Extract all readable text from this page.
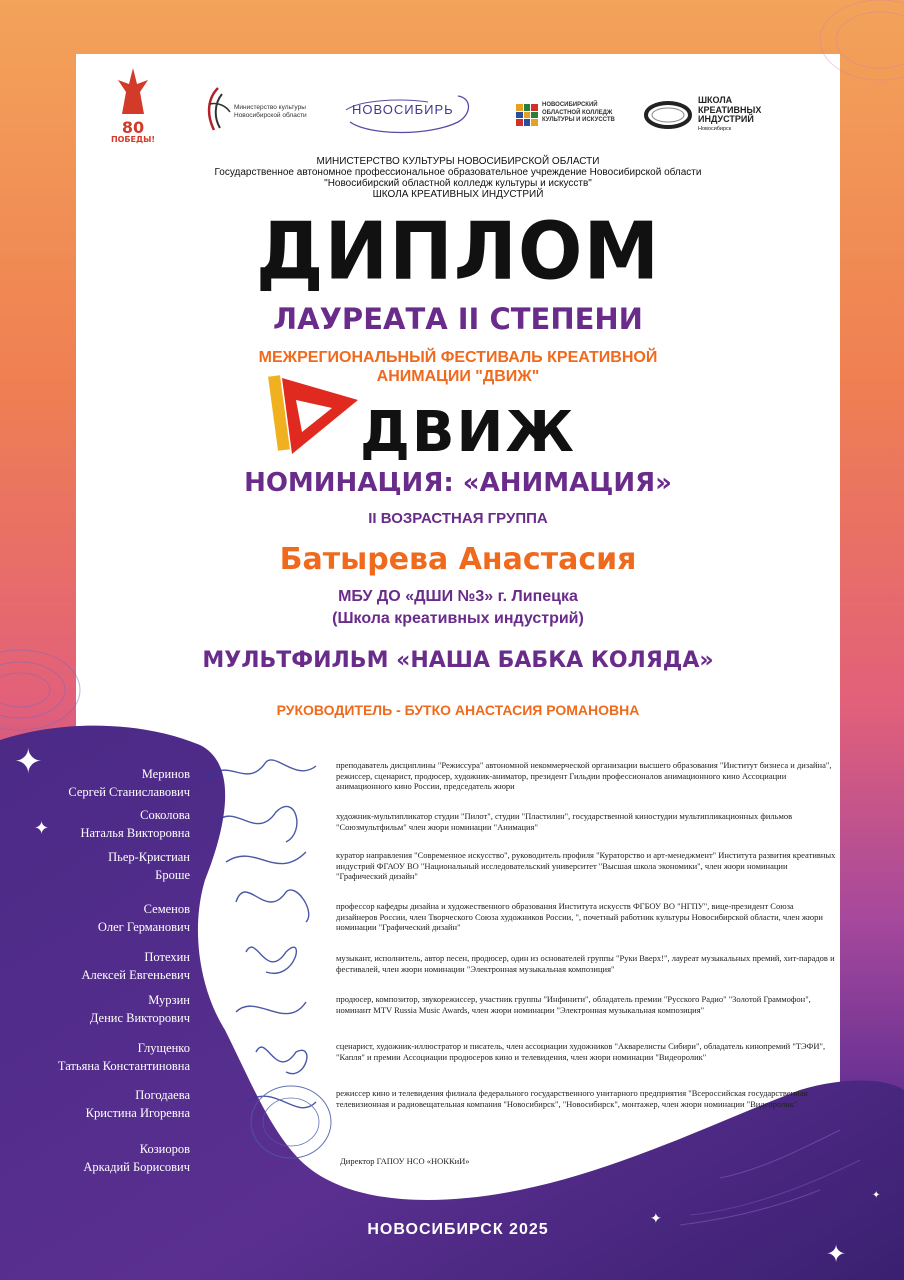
✦
✦
✦
✦
✦
80
ПОБЕДЫ!
Министерство культуры
Новосибирской области	НОВОСИБИРЬ	НОВОСИБИРСКИЙ
ОБЛАСТНОЙ КОЛЛЕДЖ
КУЛЬТУРЫ И ИСКУССТВ
ШКОЛА
КРЕАТИВНЫХ
ИНДУСТРИЙ
Новосибирск
МИНИСТЕРСТВО КУЛЬТУРЫ НОВОСИБИРСКОЙ ОБЛАСТИ
Государственное автономное профессиональное образовательное учреждение Новосибирской области
"Новосибирский областной колледж культуры и искусств"
ШКОЛА КРЕАТИВНЫХ ИНДУСТРИЙ
ДИПЛОМ
ЛАУРЕАТА II СТЕПЕНИ
МЕЖРЕГИОНАЛЬНЫЙ ФЕСТИВАЛЬ КРЕАТИВНОЙ
АНИМАЦИИ "ДВИЖ"
ДВИЖ
НОМИНАЦИЯ: «АНИМАЦИЯ»
II ВОЗРАСТНАЯ ГРУППА
Батырева Анастасия
МБУ ДО «ДШИ №3» г. Липецка
(Школа креативных индустрий)
МУЛЬТФИЛЬМ «НАША БАБКА КОЛЯДА»
РУКОВОДИТЕЛЬ - БУТКО АНАСТАСИЯ РОМАНОВНА
Меринов
Сергей Станиславович
преподаватель дисциплины "Режиссура" автономной некоммерческой организации высшего образования "Институт бизнеса и дизайна", режиссер, сценарист, продюсер, художник-аниматор, президент Гильдии профессионалов анимационного кино Ассоциации анимационного кино России, председатель жюри
Соколова
Наталья Викторовна
художник-мультипликатор студии "Пилот", студии "Пластилин", государственной киностудии мультипликационных фильмов "Союзмультфильм" член жюри номинации "Анимация"
Пьер-Кристиан
Броше
куратор направления "Современное искусство", руководитель профиля "Кураторство и арт-менеджмент" Института развития креативных индустрий ФГАОУ ВО "Национальный исследовательский университет "Высшая школа экономики", член жюри номинации "Графический дизайн"
Семенов
Олег Германович
профессор кафедры дизайна и художественного образования Института искусств ФГБОУ ВО "НГПУ", вице-президент Союза дизайнеров России, член Творческого Союза художников России, ", почетный работник культуры Новосибирской области, член жюри номинации "Графический дизайн"
Потехин
Алексей Евгеньевич
музыкант, исполнитель, автор песен, продюсер, один из основателей группы "Руки Вверх!", лауреат музыкальных премий, хит-парадов и фестивалей, член жюри номинации "Электронная музыкальная композиция"
Мурзин
Денис Викторович
продюсер, композитор, звукорежиссер, участник группы "Инфинити", обладатель премии "Русского Радио" "Золотой Граммофон", номинант MTV Russia Music Awards, член жюри номинации "Электронная музыкальная композиция"
Глущенко
Татьяна Константиновна
сценарист, художник-иллюстратор и писатель, член ассоциации художников "Акварелисты Сибири", обладатель кинопремий "ТЭФИ", "Капля" и премии Ассоциации продюсеров кино и телевидения, член жюри номинации "Видеоролик"
Погодаева
Кристина Игоревна
режиссер кино и телевидения филиала федерального государственного унитарного предприятия "Всероссийская государственная телевизионная и радиовещательная компания "Новосибирск", "Новосибирск", монтажер, член жюри номинации "Видеоролик"
Козиоров
Аркадий Борисович	Директор ГАПОУ НСО «НОККиИ»
НОВОСИБИРСК 2025
